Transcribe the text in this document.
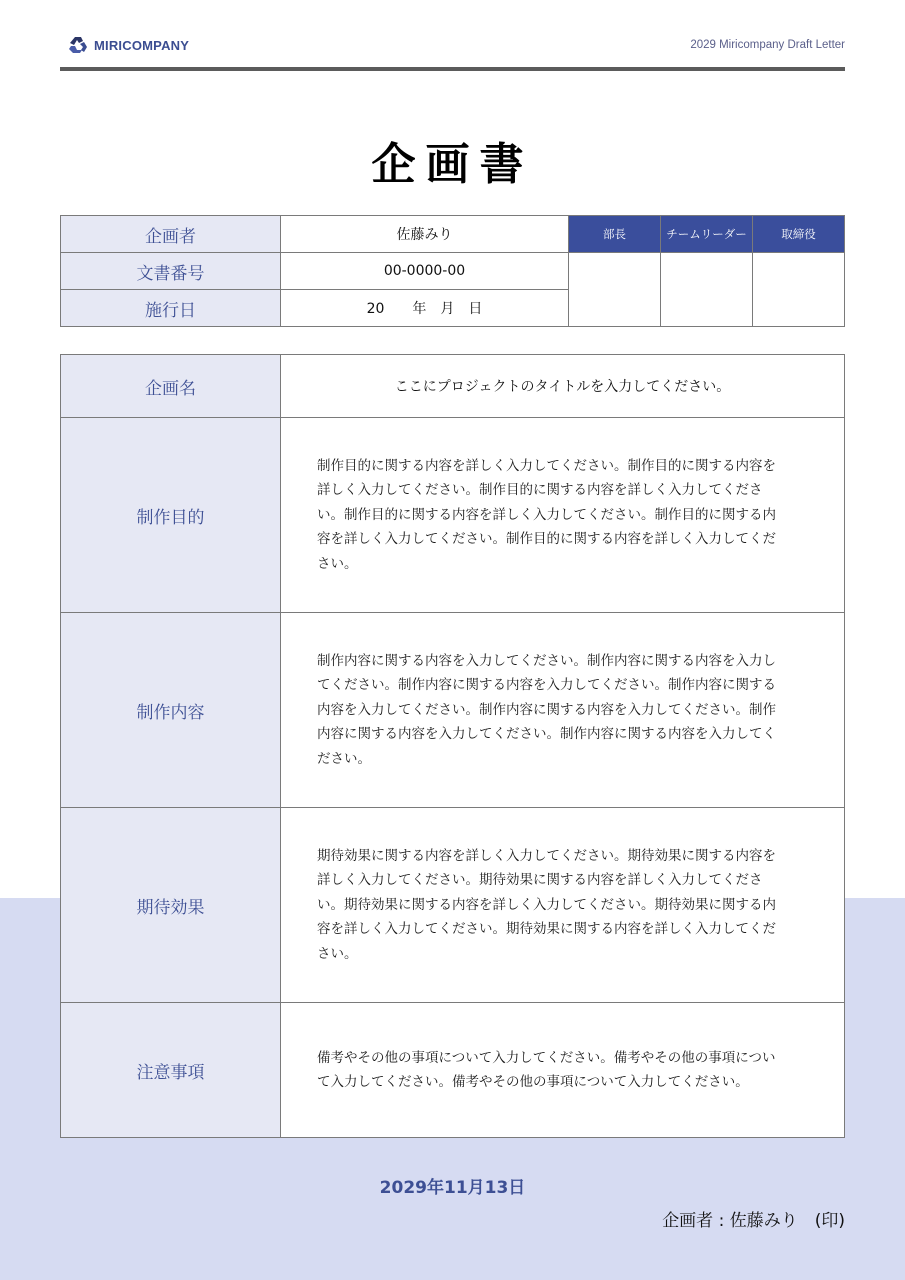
MIRICOMPANY	2029 Miricompany Draft Letter
企画書
企画者	佐藤みり	部長	チームリーダー	取締役
文書番号	00-0000-00			
施行日	20　　年　月　日			
企画名	ここにプロジェクトのタイトルを入力してください。
制作目的	制作目的に関する内容を詳しく入力してください。制作目的に関する内容を詳しく入力してください。制作目的に関する内容を詳しく入力してください。制作目的に関する内容を詳しく入力してください。制作目的に関する内容を詳しく入力してください。制作目的に関する内容を詳しく入力してください。

制作内容	制作内容に関する内容を入力してください。制作内容に関する内容を入力してください。制作内容に関する内容を入力してください。制作内容に関する内容を入力してください。制作内容に関する内容を入力してください。制作内容に関する内容を入力してください。制作内容に関する内容を入力してください。

期待効果	期待効果に関する内容を詳しく入力してください。期待効果に関する内容を詳しく入力してください。期待効果に関する内容を詳しく入力してください。期待効果に関する内容を詳しく入力してください。期待効果に関する内容を詳しく入力してください。期待効果に関する内容を詳しく入力してください。

注意事項	備考やその他の事項について入力してください。備考やその他の事項について入力してください。備考やその他の事項について入力してください。
2029年11月13日
企画者 : 佐藤みり　(印)
